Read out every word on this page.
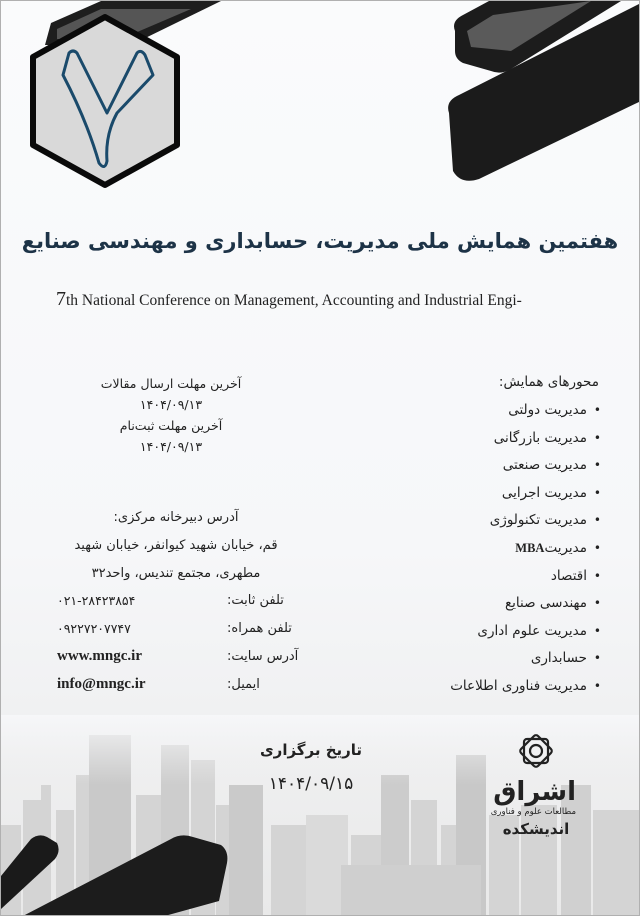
هفتمین همایش ملی مدیریت، حسابداری و مهندسی صنایع
7th National Conference on Management, Accounting and Industrial Engi-
آخرین مهلت ارسال مقالات
۱۴۰۴/۰۹/۱۳
آخرین مهلت ثبت‌نام
۱۴۰۴/۰۹/۱۳
محورهای همایش:
•
مدیریت دولتی
•
مدیریت بازرگانی
•
مدیریت صنعتی
•
مدیریت اجرایی
•
مدیریت تکنولوژی
•
مدیریتMBA
•
اقتصاد
•
مهندسی صنایع
•
مدیریت علوم اداری
•
حسابداری
•
مدیریت فناوری اطلاعات
آدرس دبیرخانه مرکزی:
قم، خیابان شهید کیوانفر، خیابان شهید
مطهری، مجتمع تندیس، واحد۳۲
۰۲۱-۲۸۴۲۳۸۵۴	تلفن ثابت:
۰۹۲۲۷۲۰۷۷۴۷	تلفن همراه:
www.mngc.ir	آدرس سایت:
info@mngc.ir	ایمیل:
تاریخ برگزاری
۱۴۰۴/۰۹/۱۵	اشراق
مطالعات علوم و فناوری
اندیشکده
